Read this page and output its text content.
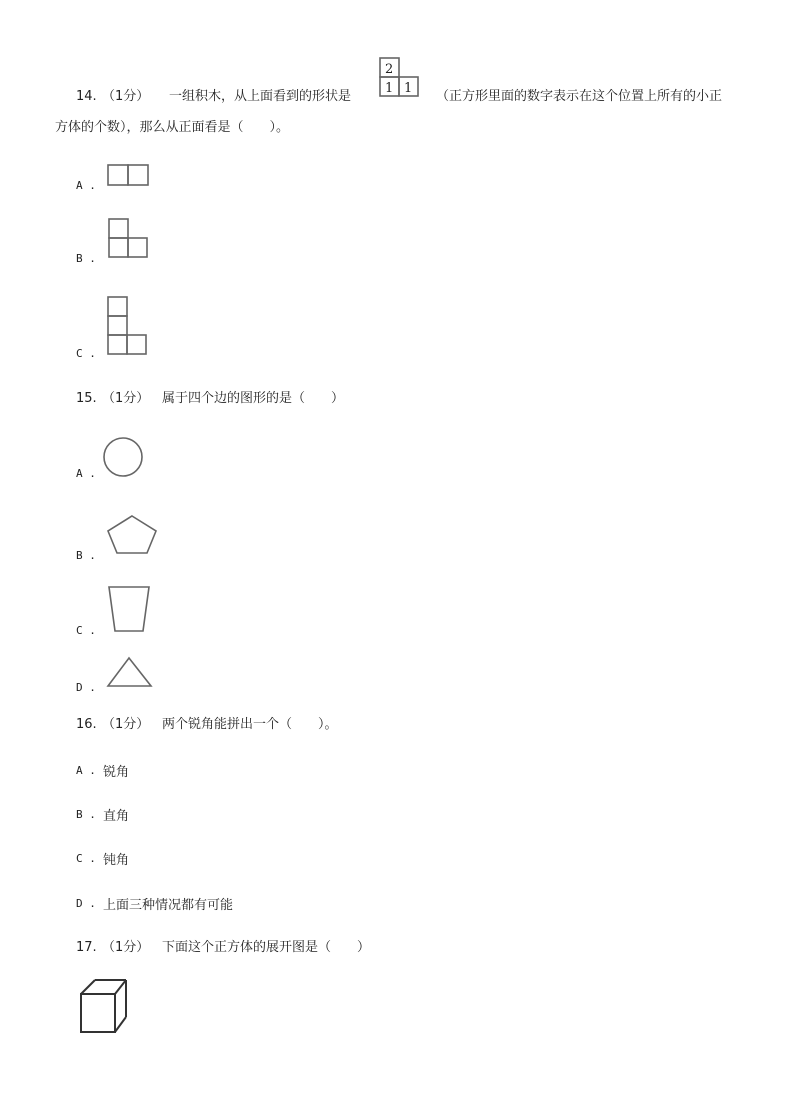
14. （1分） 一组积木，从上面看到的形状是
2
1 1
（正方形里面的数字表示在这个位置上所有的小正
方体的个数），那么从正面看是（　　）。
A .
B .
C .
15. （1分） 属于四个边的图形的是（　　）
A .
B .
C .
D .
16. （1分） 两个锐角能拼出一个（　　）。
A . 锐角
B . 直角
C . 钝角
D . 上面三种情况都有可能
17. （1分） 下面这个正方体的展开图是（　　）
